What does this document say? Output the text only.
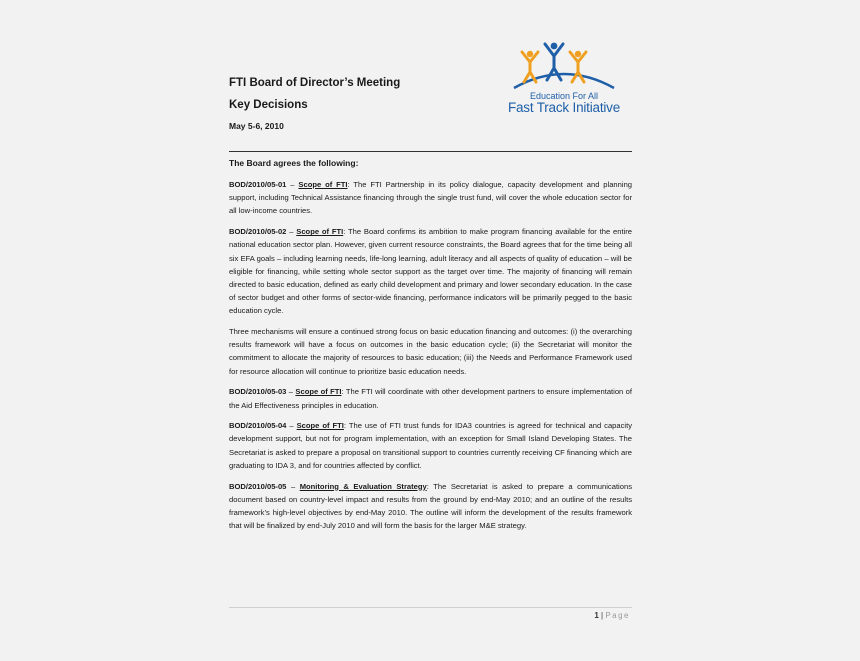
FTI Board of Director’s Meeting
Key Decisions
May 5-6, 2010
Education For All
Fast Track Initiative
The Board agrees the following:

BOD/2010/05-01 – Scope of FTI: The FTI Partnership in its policy dialogue, capacity development and planning support, including Technical Assistance financing through the single trust fund, will cover the whole education sector for all low-income countries.

BOD/2010/05-02 – Scope of FTI: The Board confirms its ambition to make program financing available for the entire national education sector plan. However, given current resource constraints, the Board agrees that for the time being all six EFA goals – including learning needs, life-long learning, adult literacy and all aspects of quality of education – will be eligible for financing, while setting whole sector support as the target over time. The majority of financing will remain directed to basic education, defined as early child development and primary and lower secondary education. In the case of sector budget and other forms of sector-wide financing, performance indicators will be primarily pegged to the basic education cycle.

Three mechanisms will ensure a continued strong focus on basic education financing and outcomes: (i) the overarching results framework will have a focus on outcomes in the basic education cycle; (ii) the Secretariat will monitor the commitment to allocate the majority of resources to basic education; (iii) the Needs and Performance Framework used for resource allocation will continue to prioritize basic education needs.

BOD/2010/05-03 – Scope of FTI: The FTI will coordinate with other development partners to ensure implementation of the Aid Effectiveness principles in education.

BOD/2010/05-04 – Scope of FTI: The use of FTI trust funds for IDA3 countries is agreed for technical and capacity development support, but not for program implementation, with an exception for Small Island Developing States. The Secretariat is asked to prepare a proposal on transitional support to countries currently receiving CF financing which are graduating to IDA 3, and for countries affected by conflict.

BOD/2010/05-05 – Monitoring & Evaluation Strategy: The Secretariat is asked to prepare a communications document based on country-level impact and results from the ground by end-May 2010; and an outline of the results framework’s high-level objectives by end-May 2010. The outline will inform the development of the results framework that will be finalized by end-July 2010 and will form the basis for the larger M&E strategy.

1 | Page
